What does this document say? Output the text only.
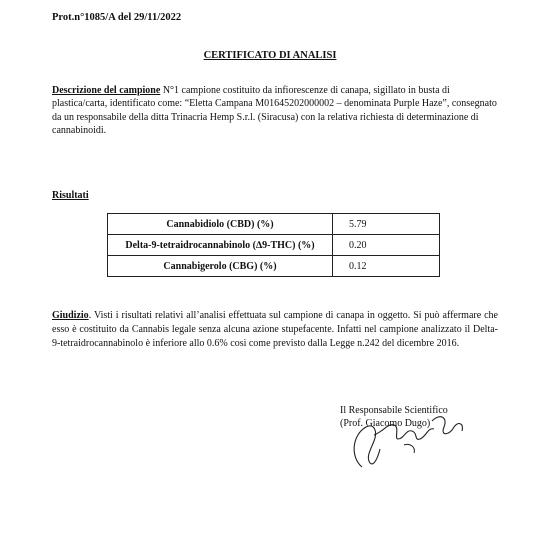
Prot.n°1085/A del 29/11/2022
CERTIFICATO DI ANALISI
Descrizione del campione N°1 campione costituito da infiorescenze di canapa, sigillato in busta di plastica/carta, identificato come: “Eletta Campana M01645202000002 – denominata Purple Haze”, consegnato da un responsabile della ditta Trinacria Hemp S.r.l. (Siracusa) con la relativa richiesta di determinazione di cannabinoidi.
Risultati
Cannabidiolo (CBD) (%)	5.79
Delta-9-tetraidrocannabinolo (∆9-THC) (%)	0.20
Cannabigerolo (CBG) (%)	0.12
Giudizio. Visti i risultati relativi all’analisi effettuata sul campione di canapa in oggetto. Si può affermare che esso è costituito da Cannabis legale senza alcuna azione stupefacente. Infatti nel campione analizzato il Delta-9-tetraidrocannabinolo è inferiore allo 0.6% così come previsto dalla Legge n.242 del dicembre 2016.
Il Responsabile Scientifico
(Prof. Giacomo Dugo)
